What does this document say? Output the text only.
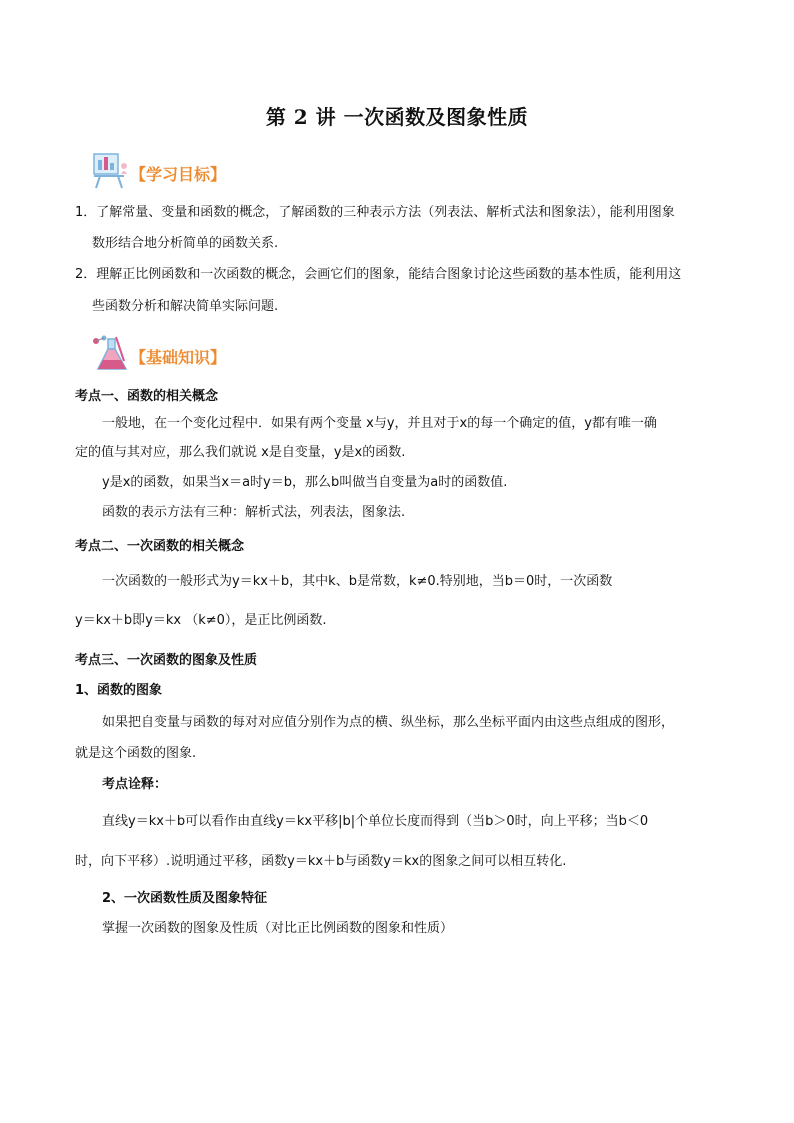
第 2 讲 一次函数及图象性质
【学习目标】
1．了解常量、变量和函数的概念，了解函数的三种表示方法（列表法、解析式法和图象法），能利用图象
数形结合地分析简单的函数关系.
2．理解正比例函数和一次函数的概念，会画它们的图象，能结合图象讨论这些函数的基本性质，能利用这
些函数分析和解决简单实际问题.
【基础知识】
考点一、函数的相关概念
一般地，在一个变化过程中．如果有两个变量 x与y，并且对于x的每一个确定的值，y都有唯一确
定的值与其对应，那么我们就说 x是自变量，y是x的函数.
y是x的函数，如果当x＝a时y＝b，那么b叫做当自变量为a时的函数值.
函数的表示方法有三种：解析式法，列表法，图象法.
考点二、一次函数的相关概念
一次函数的一般形式为y＝kx＋b，其中k、b是常数，k≠0.特别地，当b＝0时，一次函数
y＝kx＋b即y＝kx （k≠0），是正比例函数.
考点三、一次函数的图象及性质
1、函数的图象
如果把自变量与函数的每对对应值分别作为点的横、纵坐标，那么坐标平面内由这些点组成的图形，
就是这个函数的图象.
考点诠释：
直线y＝kx＋b可以看作由直线y＝kx平移|b|个单位长度而得到（当b＞0时，向上平移；当b＜0
时，向下平移）.说明通过平移，函数y＝kx＋b与函数y＝kx的图象之间可以相互转化.
2、一次函数性质及图象特征
掌握一次函数的图象及性质（对比正比例函数的图象和性质）
